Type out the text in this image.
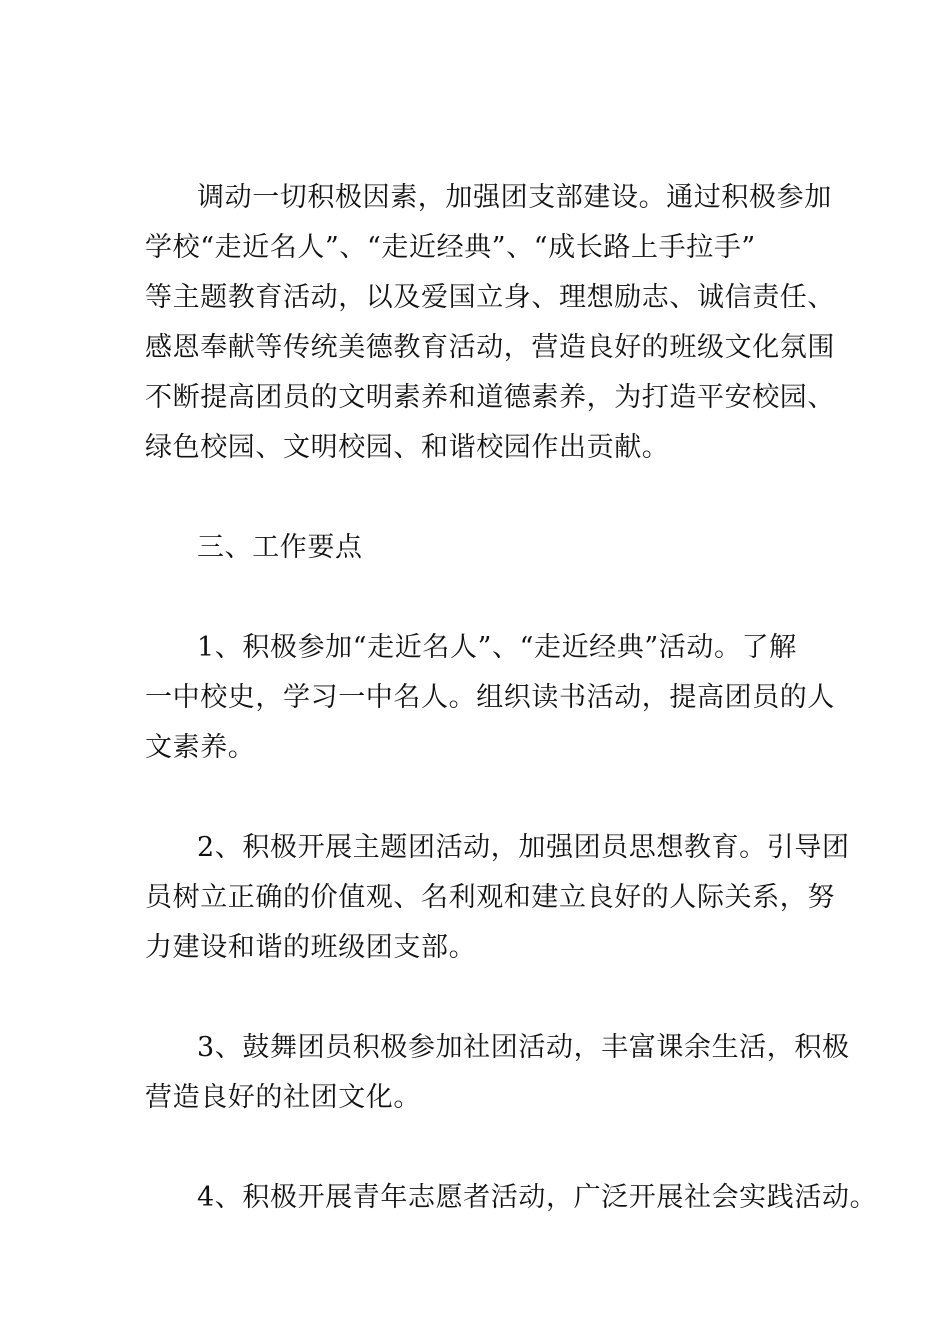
调动一切积极因素，加强团支部建设。通过积极参加
学校“走近名人”、“走近经典”、“成长路上手拉手”
等主题教育活动，以及爱国立身、理想励志、诚信责任、
感恩奉献等传统美德教育活动，营造良好的班级文化氛围
不断提高团员的文明素养和道德素养，为打造平安校园、
绿色校园、文明校园、和谐校园作出贡献。
三、工作要点
1、积极参加“走近名人”、“走近经典”活动。了解
一中校史，学习一中名人。组织读书活动，提高团员的人
文素养。
2、积极开展主题团活动，加强团员思想教育。引导团
员树立正确的价值观、名利观和建立良好的人际关系，努
力建设和谐的班级团支部。
3、鼓舞团员积极参加社团活动，丰富课余生活，积极
营造良好的社团文化。
4、积极开展青年志愿者活动，广泛开展社会实践活动。
